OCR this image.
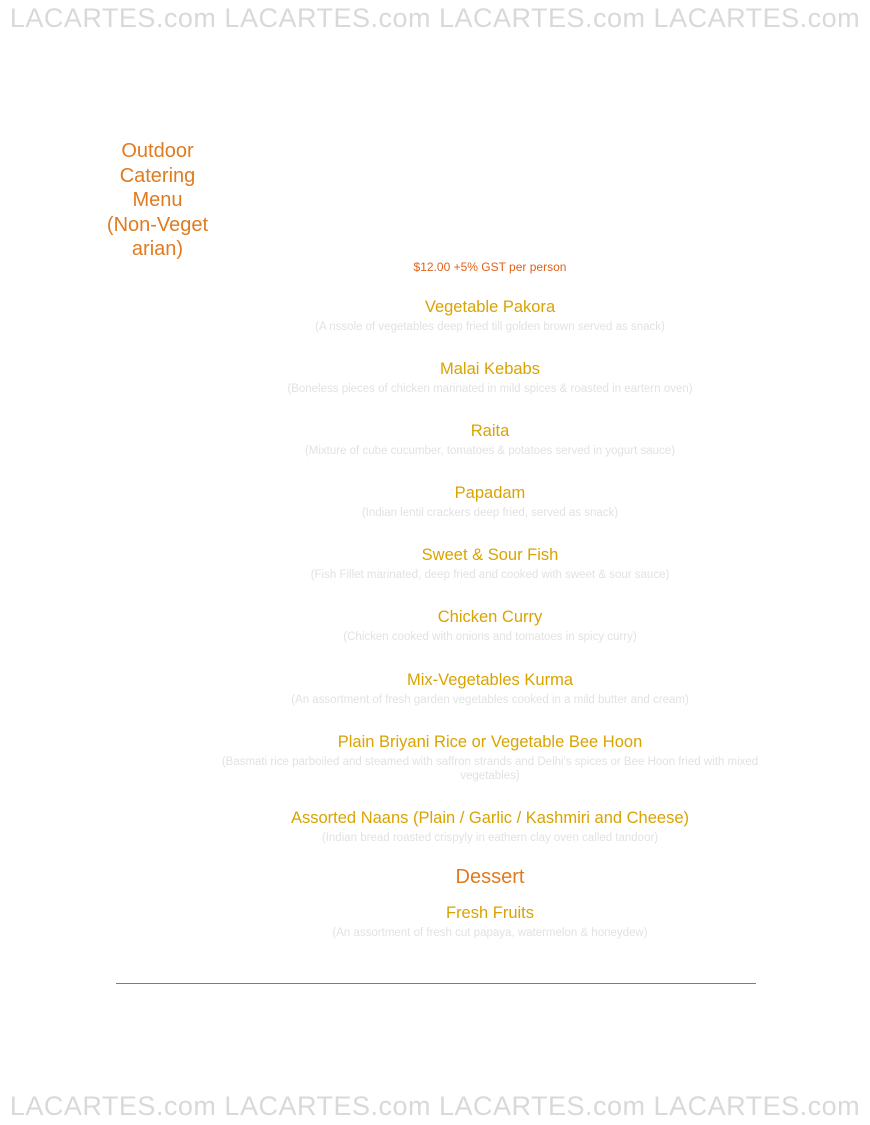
LACARTES.com LACARTES.com LACARTES.com LACARTES.com
Outdoor
Catering
Menu
(Non-Veget
arian)
$12.00 +5% GST per person
Vegetable Pakora
(A rissole of vegetables deep fried till golden brown served as snack)
Malai Kebabs
(Boneless pieces of chicken marinated in mild spices & roasted in eartern oven)
Raita
(Mixture of cube cucumber, tomatoes & potatoes served in yogurt sauce)
Papadam
(Indian lentil crackers deep fried, served as snack)
Sweet & Sour Fish
(Fish Fillet marinated, deep fried and cooked with sweet & sour sauce)
Chicken Curry
(Chicken cooked with onions and tomatoes in spicy curry)
Mix-Vegetables Kurma
(An assortment of fresh garden vegetables cooked in a mild butter and cream)
Plain Briyani Rice or Vegetable Bee Hoon
(Basmati rice parboiled and steamed with saffron strands and Delhi's spices or Bee Hoon fried with mixed vegetables)
Assorted Naans (Plain / Garlic / Kashmiri and Cheese)
(Indian bread roasted crispyly in eathern clay oven called tandoor)
Dessert
Fresh Fruits
(An assortment of fresh cut papaya, watermelon & honeydew)
LACARTES.com LACARTES.com LACARTES.com LACARTES.com
